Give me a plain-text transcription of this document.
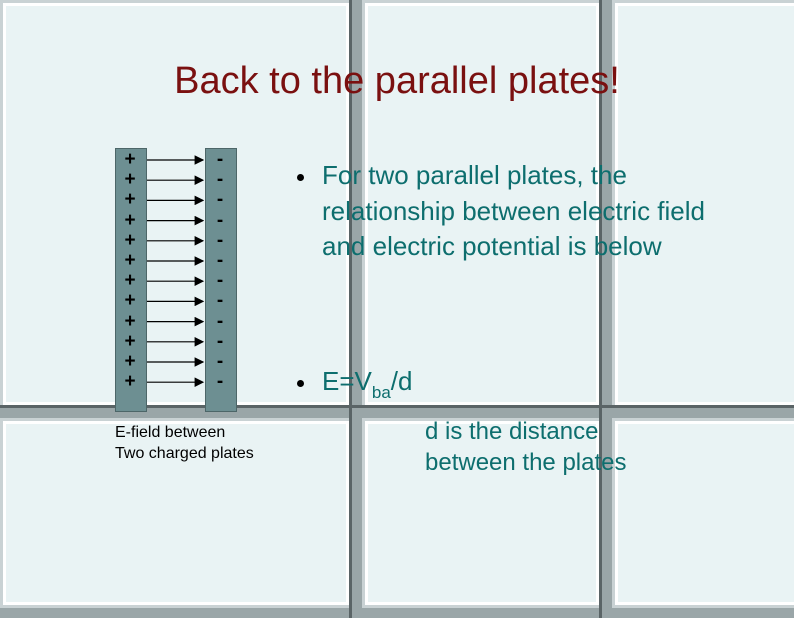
Back to the parallel plates!
+
+
+
+
+
+
+
+
+
+
+
+
-
-
-
-
-
-
-
-
-
-
-
-
E-field between
Two charged plates
For two parallel plates, the relationship between electric field and electric potential is below
$E=V_{ba}/d$
d is the distance
between the plates
